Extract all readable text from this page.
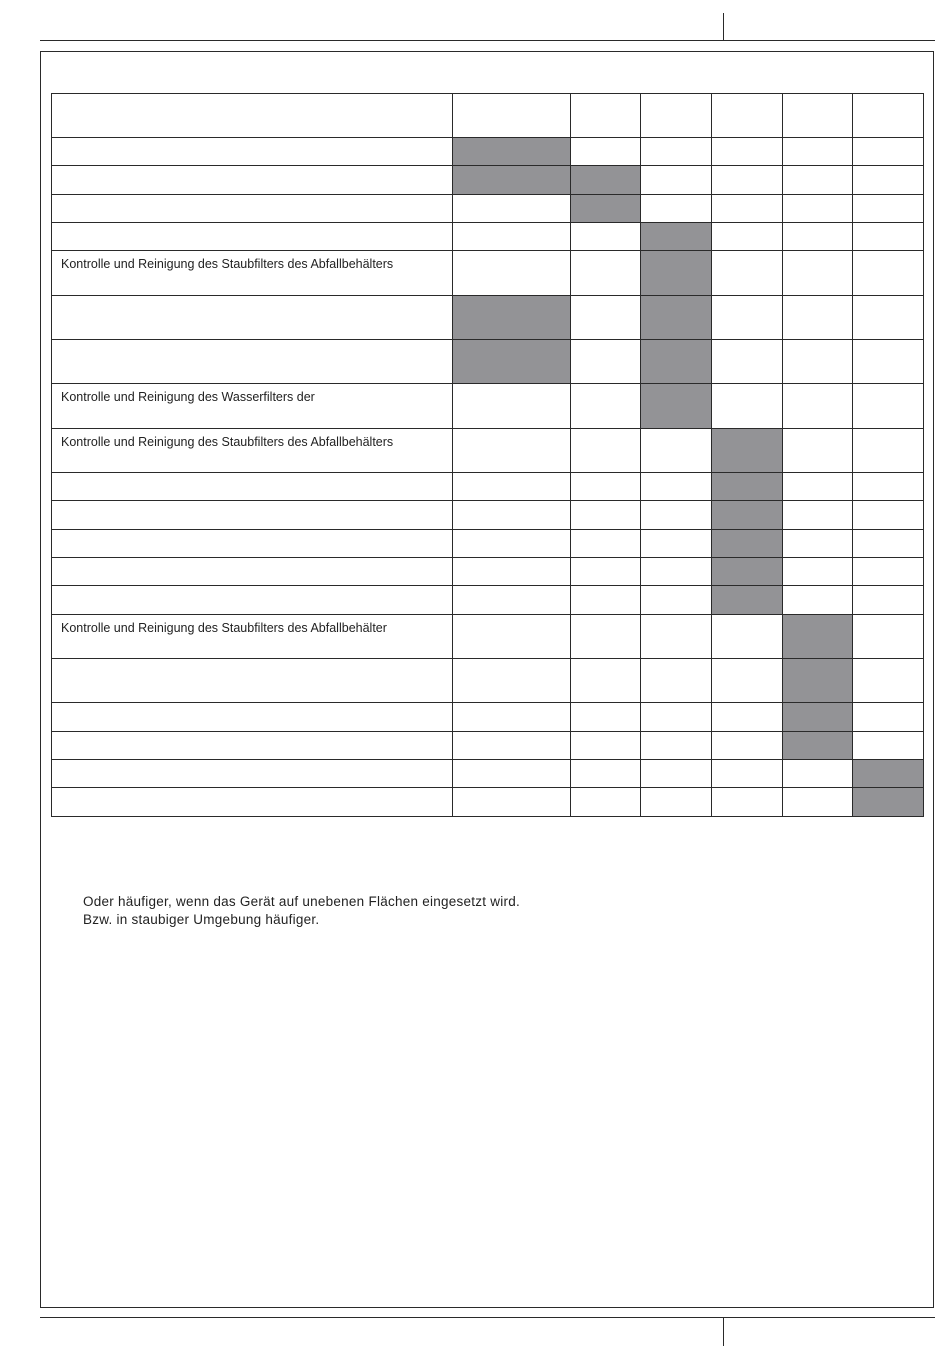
Kontrolle und Reinigung des Staubfilters des Abfallbehälters						

Kontrolle und Reinigung des Wasserfilters der						
Kontrolle und Reinigung des Staubfilters des Abfallbehälters						

Kontrolle und Reinigung des Staubfilters des Abfallbehälter						

Oder häufiger, wenn das Gerät auf unebenen Flächen eingesetzt wird.
Bzw. in staubiger Umgebung häufiger.
